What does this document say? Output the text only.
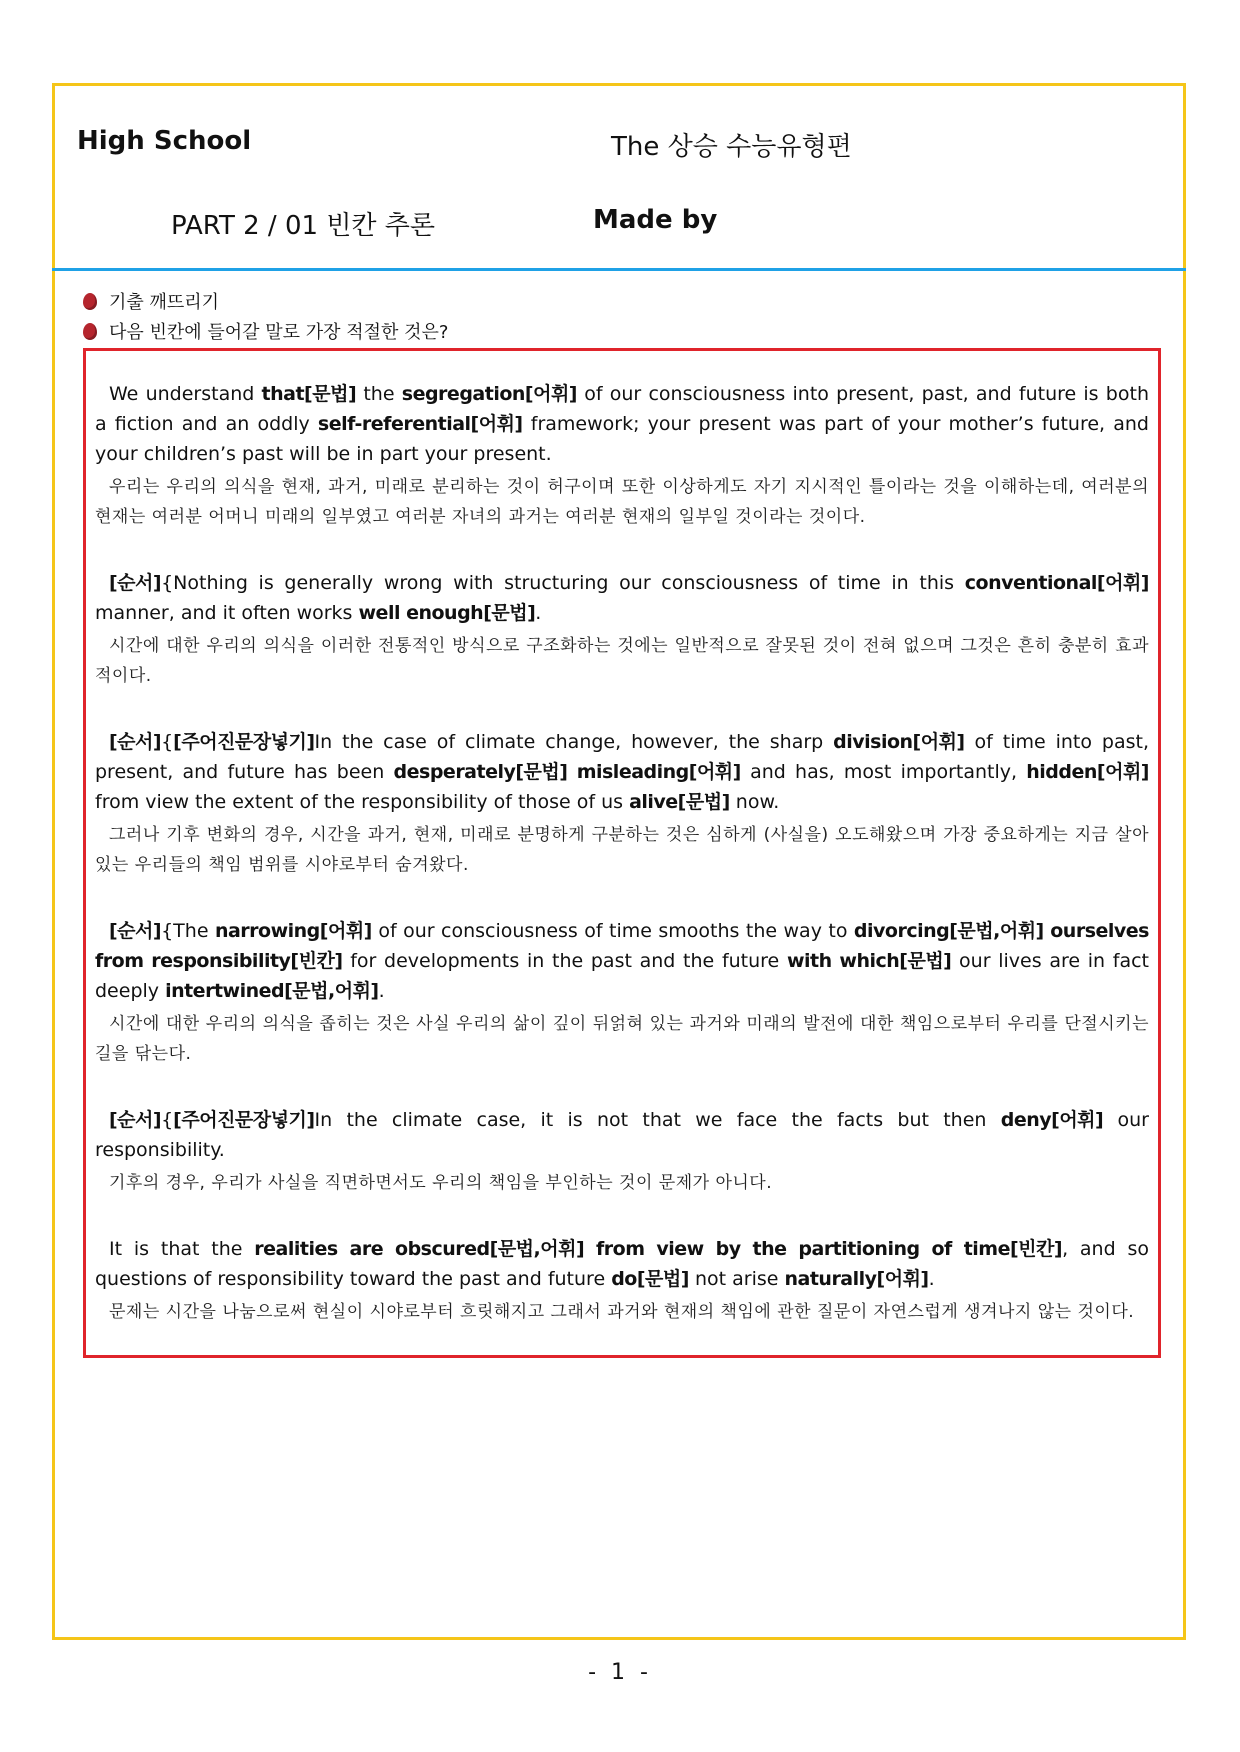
High School	The 상승 수능유형편
PART 2 / 01 빈칸 추론	Made by
기출 깨뜨리기
다음 빈칸에 들어갈 말로 가장 적절한 것은?
We understand that[문법] the segregation[어휘] of our consciousness into present, past, and future is both a fiction and an oddly self-referential[어휘] framework; your present was part of your mother’s future, and your children’s past will be in part your present.
우리는 우리의 의식을 현재, 과거, 미래로 분리하는 것이 허구이며 또한 이상하게도 자기 지시적인 틀이라는 것을 이해하는데, 여러분의 현재는 여러분 어머니 미래의 일부였고 여러분 자녀의 과거는 여러분 현재의 일부일 것이라는 것이다.
[순서]{Nothing is generally wrong with structuring our consciousness of time in this conventional[어휘] manner, and it often works well enough[문법].
시간에 대한 우리의 의식을 이러한 전통적인 방식으로 구조화하는 것에는 일반적으로 잘못된 것이 전혀 없으며 그것은 흔히 충분히 효과적이다.
[순서]{[주어진문장넣기]In the case of climate change, however, the sharp division[어휘] of time into past, present, and future has been desperately[문법] misleading[어휘] and has, most importantly, hidden[어휘] from view the extent of the responsibility of those of us alive[문법] now.
그러나 기후 변화의 경우, 시간을 과거, 현재, 미래로 분명하게 구분하는 것은 심하게 (사실을) 오도해왔으며 가장 중요하게는 지금 살아 있는 우리들의 책임 범위를 시야로부터 숨겨왔다.
[순서]{The narrowing[어휘] of our consciousness of time smooths the way to divorcing[문법,어휘] ourselves from responsibility[빈칸] for developments in the past and the future with which[문법] our lives are in fact deeply intertwined[문법,어휘].
시간에 대한 우리의 의식을 좁히는 것은 사실 우리의 삶이 깊이 뒤얽혀 있는 과거와 미래의 발전에 대한 책임으로부터 우리를 단절시키는 길을 닦는다.
[순서]{[주어진문장넣기]In the climate case, it is not that we face the facts but then deny[어휘] our responsibility.
기후의 경우, 우리가 사실을 직면하면서도 우리의 책임을 부인하는 것이 문제가 아니다.
It is that the realities are obscured[문법,어휘] from view by the partitioning of time[빈칸], and so questions of responsibility toward the past and future do[문법] not arise naturally[어휘].
문제는 시간을 나눔으로써 현실이 시야로부터 흐릿해지고 그래서 과거와 현재의 책임에 관한 질문이 자연스럽게 생겨나지 않는 것이다.
- 1 -
